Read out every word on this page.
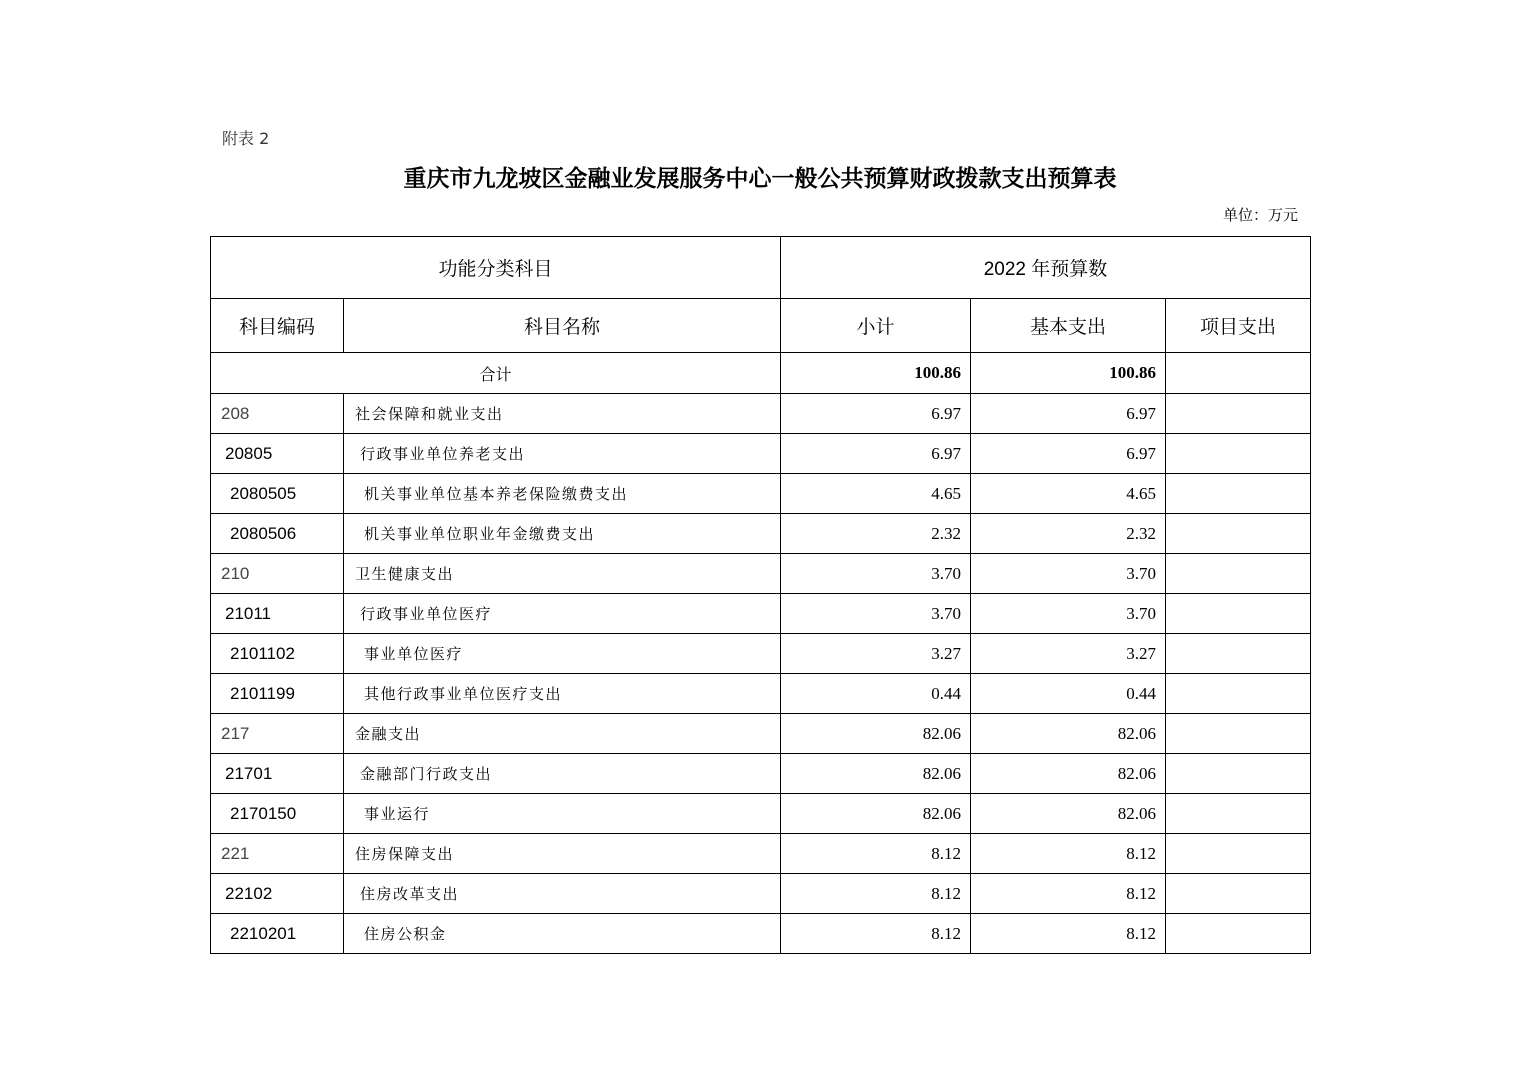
附表 2
重庆市九龙坡区金融业发展服务中心一般公共预算财政拨款支出预算表
单位：万元
功能分类科目		2022 年预算数		
科目编码	科目名称	小计	基本支出	项目支出
合计		100.86	100.86	
208	社会保障和就业支出	6.97	6.97	
20805	行政事业单位养老支出	6.97	6.97	
2080505	机关事业单位基本养老保险缴费支出	4.65	4.65	
2080506	机关事业单位职业年金缴费支出	2.32	2.32	
210	卫生健康支出	3.70	3.70	
21011	行政事业单位医疗	3.70	3.70	
2101102	事业单位医疗	3.27	3.27	
2101199	其他行政事业单位医疗支出	0.44	0.44	
217	金融支出	82.06	82.06	
21701	金融部门行政支出	82.06	82.06	
2170150	事业运行	82.06	82.06	
221	住房保障支出	8.12	8.12	
22102	住房改革支出	8.12	8.12	
2210201	住房公积金	8.12	8.12	
